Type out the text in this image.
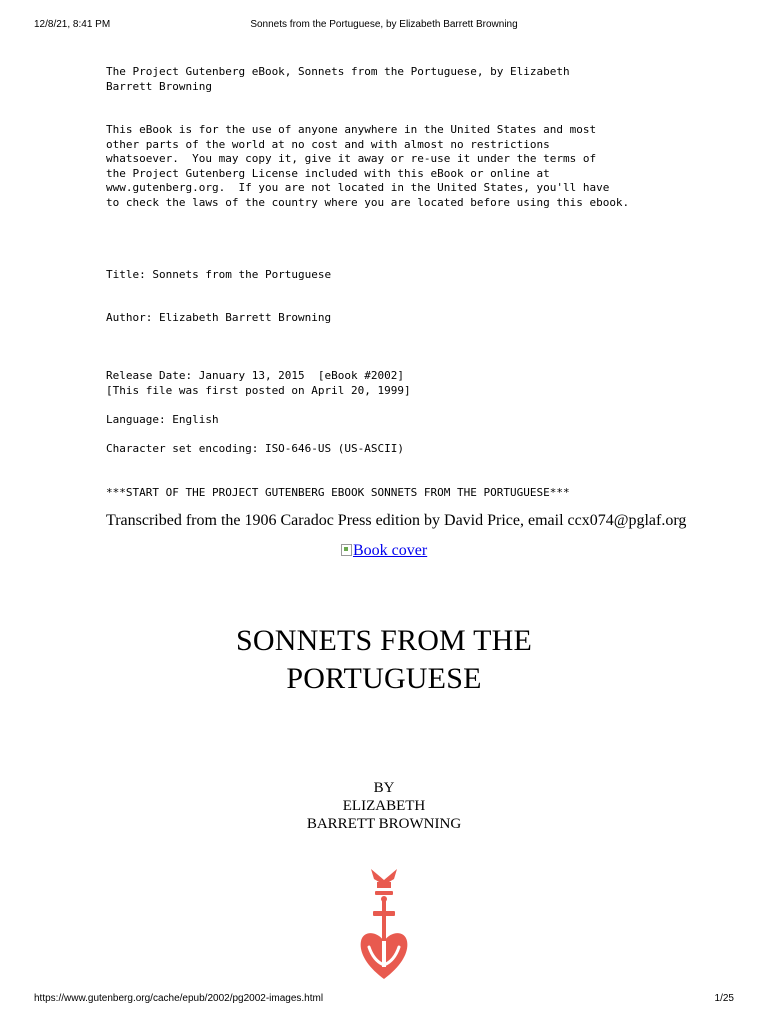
Sonnets from the Portuguese, by Elizabeth Barrett Browning
12/8/21, 8:41 PM
The Project Gutenberg eBook, Sonnets from the Portuguese, by Elizabeth
Barrett Browning
This eBook is for the use of anyone anywhere in the United States and most
other parts of the world at no cost and with almost no restrictions
whatsoever.  You may copy it, give it away or re-use it under the terms of
the Project Gutenberg License included with this eBook or online at
www.gutenberg.org.  If you are not located in the United States, you'll have
to check the laws of the country where you are located before using this ebook.
Title: Sonnets from the Portuguese
Author: Elizabeth Barrett Browning
Release Date: January 13, 2015  [eBook #2002]
[This file was first posted on April 20, 1999]
Language: English
Character set encoding: ISO-646-US (US-ASCII)
***START OF THE PROJECT GUTENBERG EBOOK SONNETS FROM THE PORTUGUESE***

Transcribed from the 1906 Caradoc Press edition by David Price, email ccx074@pglaf.org

Book cover
SONNETS FROM THE
PORTUGUESE
BY
ELIZABETH
BARRETT BROWNING
https://www.gutenberg.org/cache/epub/2002/pg2002-images.html	1/25
